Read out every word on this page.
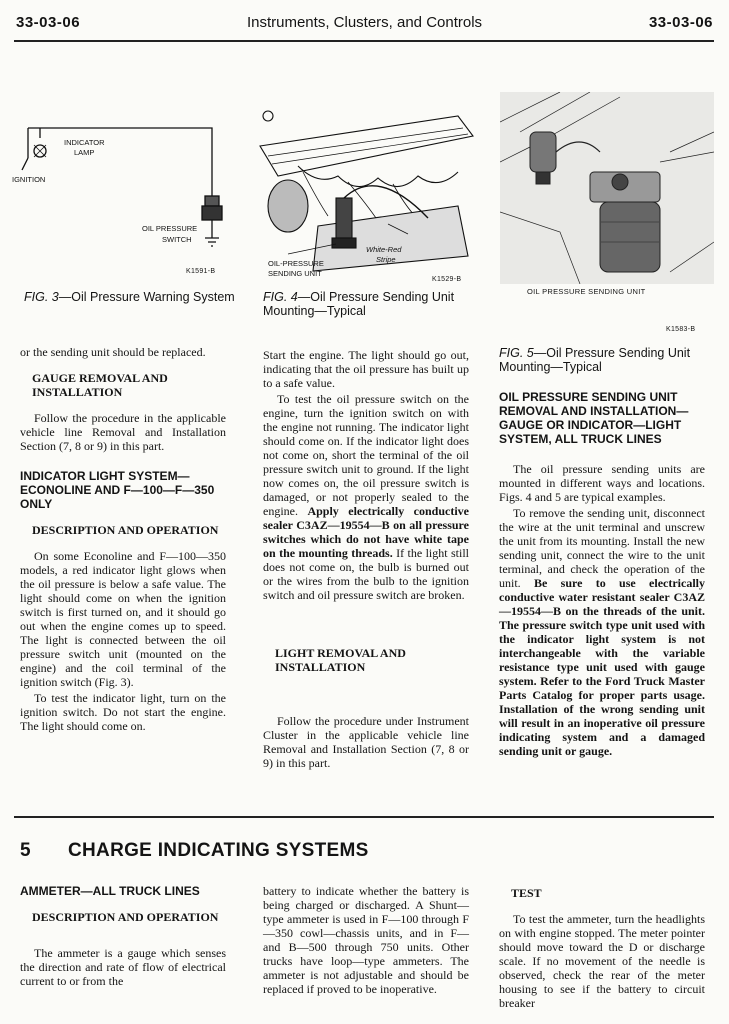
33-03-06	Instruments, Clusters, and Controls	33-03-06
INDICATOR
LAMP
IGNITION
OIL PRESSURE
SWITCH
K1591-B
FIG. 3—Oil Pressure Warning System
OIL-PRESSURE
SENDING UNIT
White-Red
Stripe
K1529-B
FIG. 4—Oil Pressure Sending Unit Mounting—Typical
OIL PRESSURE SENDING UNIT
K1583-B
FIG. 5—Oil Pressure Sending Unit Mounting—Typical

or the sending unit should be replaced.

GAUGE REMOVAL AND INSTALLATION

Follow the procedure in the applicable vehicle line Removal and Installation Section (7, 8 or 9) in this part.

INDICATOR LIGHT SYSTEM—ECONOLINE AND F—100—F—350 ONLY
DESCRIPTION AND OPERATION

On some Econoline and F—100—350 models, a red indicator light glows when the oil pressure is below a safe value. The light should come on when the ignition switch is first turned on, and it should go out when the engine comes up to speed. The light is connected between the oil pressure switch unit (mounted on the engine) and the coil terminal of the ignition switch (Fig. 3).

To test the indicator light, turn on the ignition switch. Do not start the engine. The light should come on.

Start the engine. The light should go out, indicating that the oil pressure has built up to a safe value.

To test the oil pressure switch on the engine, turn the ignition switch on with the engine not running. The indicator light should come on. If the indicator light does not come on, short the terminal of the oil pressure switch unit to ground. If the light now comes on, the oil pressure switch is damaged, or not properly sealed to the engine. Apply electrically conductive sealer C3AZ—19554—B on all pressure switches which do not have white tape on the mounting threads. If the light still does not come on, the bulb is burned out or the wires from the bulb to the ignition switch and oil pressure switch are broken.

LIGHT REMOVAL AND INSTALLATION

Follow the procedure under Instrument Cluster in the applicable vehicle line Removal and Installation Section (7, 8 or 9) in this part.

OIL PRESSURE SENDING UNIT REMOVAL AND INSTALLATION— GAUGE OR INDICATOR—LIGHT SYSTEM, ALL TRUCK LINES

The oil pressure sending units are mounted in different ways and locations. Figs. 4 and 5 are typical examples.

To remove the sending unit, disconnect the wire at the unit terminal and unscrew the unit from its mounting. Install the new sending unit, connect the wire to the unit terminal, and check the operation of the unit. Be sure to use electrically conductive water resistant sealer C3AZ—19554—B on the threads of the unit. The pressure switch type unit used with the indicator light system is not interchangeable with the variable resistance type unit used with gauge system. Refer to the Ford Truck Master Parts Catalog for proper parts usage. Installation of the wrong sending unit will result in an inoperative oil pressure indicating system and a damaged sending unit or gauge.

5 CHARGE INDICATING SYSTEMS
AMMETER—ALL TRUCK LINES
DESCRIPTION AND OPERATION

The ammeter is a gauge which senses the direction and rate of flow of electrical current to or from the

battery to indicate whether the battery is being charged or discharged. A Shunt—type ammeter is used in F—100 through F—350 cowl—chassis units, and in F— and B—500 through 750 units. Other trucks have loop—type ammeters. The ammeter is not adjustable and should be replaced if proved to be inoperative.

TEST

To test the ammeter, turn the headlights on with engine stopped. The meter pointer should move toward the D or discharge scale. If no movement of the needle is observed, check the rear of the meter housing to see if the battery to circuit breaker
